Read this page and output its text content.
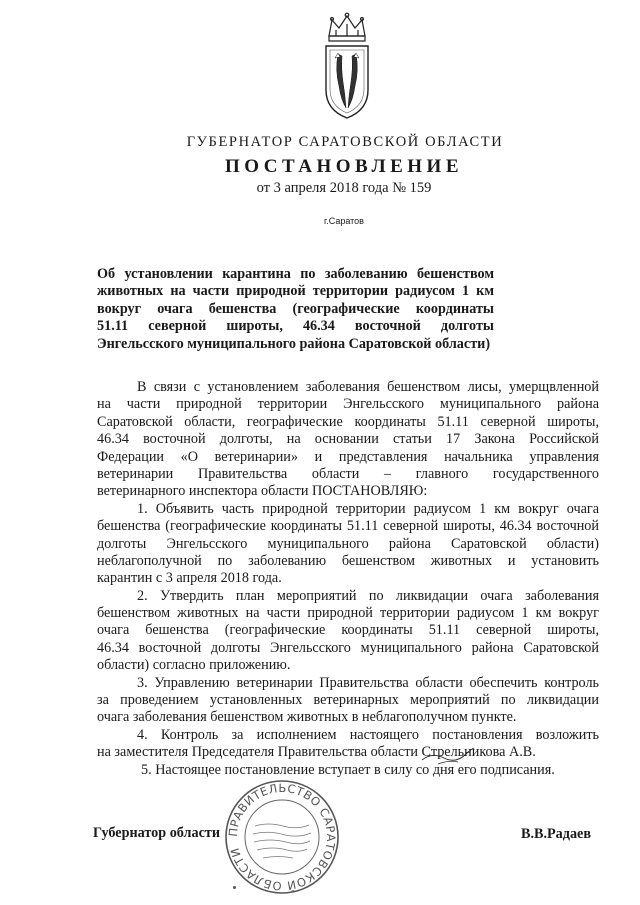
ГУБЕРНАТОР САРАТОВСКОЙ ОБЛАСТИ
ПОСТАНОВЛЕНИЕ
от 3 апреля 2018 года № 159
г.Саратов
Об установлении карантина по заболеванию бешенством
животных на части природной территории радиусом 1 км
вокруг очага бешенства (географические координаты
51.11 северной широты, 46.34 восточной долготы
Энгельсского муниципального района Саратовской области)
В связи с установлением заболевания бешенством лисы, умерщвленной
на части природной территории Энгельсского муниципального района
Саратовской области, географические координаты 51.11 северной широты,
46.34 восточной долготы, на основании статьи 17 Закона Российской
Федерации «О ветеринарии» и представления начальника управления
ветеринарии Правительства области – главного государственного
ветеринарного инспектора области ПОСТАНОВЛЯЮ:
1. Объявить часть природной территории радиусом 1 км вокруг очага
бешенства (географические координаты 51.11 северной широты, 46.34 восточной
долготы Энгельсского муниципального района Саратовской области)
неблагополучной по заболеванию бешенством животных и установить
карантин с 3 апреля 2018 года.
2. Утвердить план мероприятий по ликвидации очага заболевания
бешенством животных на части природной территории радиусом 1 км вокруг
очага бешенства (географические координаты 51.11 северной широты,
46.34 восточной долготы Энгельсского муниципального района Саратовской
области) согласно приложению.
3. Управлению ветеринарии Правительства области обеспечить контроль
за проведением установленных ветеринарных мероприятий по ликвидации
очага заболевания бешенством животных в неблагополучном пункте.
4. Контроль за исполнением настоящего постановления возложить
на заместителя Председателя Правительства области Стрельникова А.В.
5. Настоящее постановление вступает в силу со дня его подписания.
Губернатор области	В.В.Радаев
ПРАВИТЕЛЬСТВО САРАТОВСКОЙ ОБЛАСТИ
